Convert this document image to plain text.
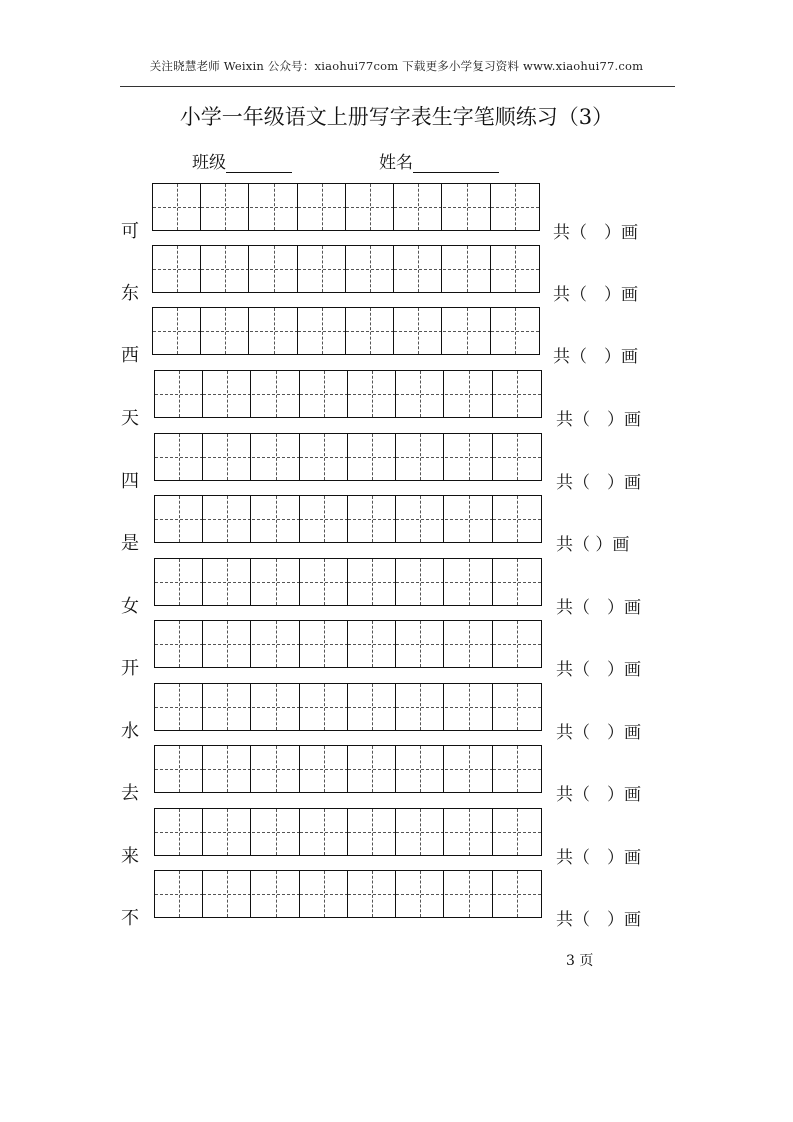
关注晓慧老师 Weixin 公众号：xiaohui77com 下载更多小学复习资料 www.xiaohui77.com
小学一年级语文上册写字表生字笔顺练习（3）
班级	姓名
可	共（　）画
东	共（　）画
西	共（　）画
天	共（　）画
四	共（　）画
是	共（ ）画
女	共（　）画
开	共（　）画
水	共（　）画
去	共（　）画
来	共（　）画
不	共（　）画
3 页
